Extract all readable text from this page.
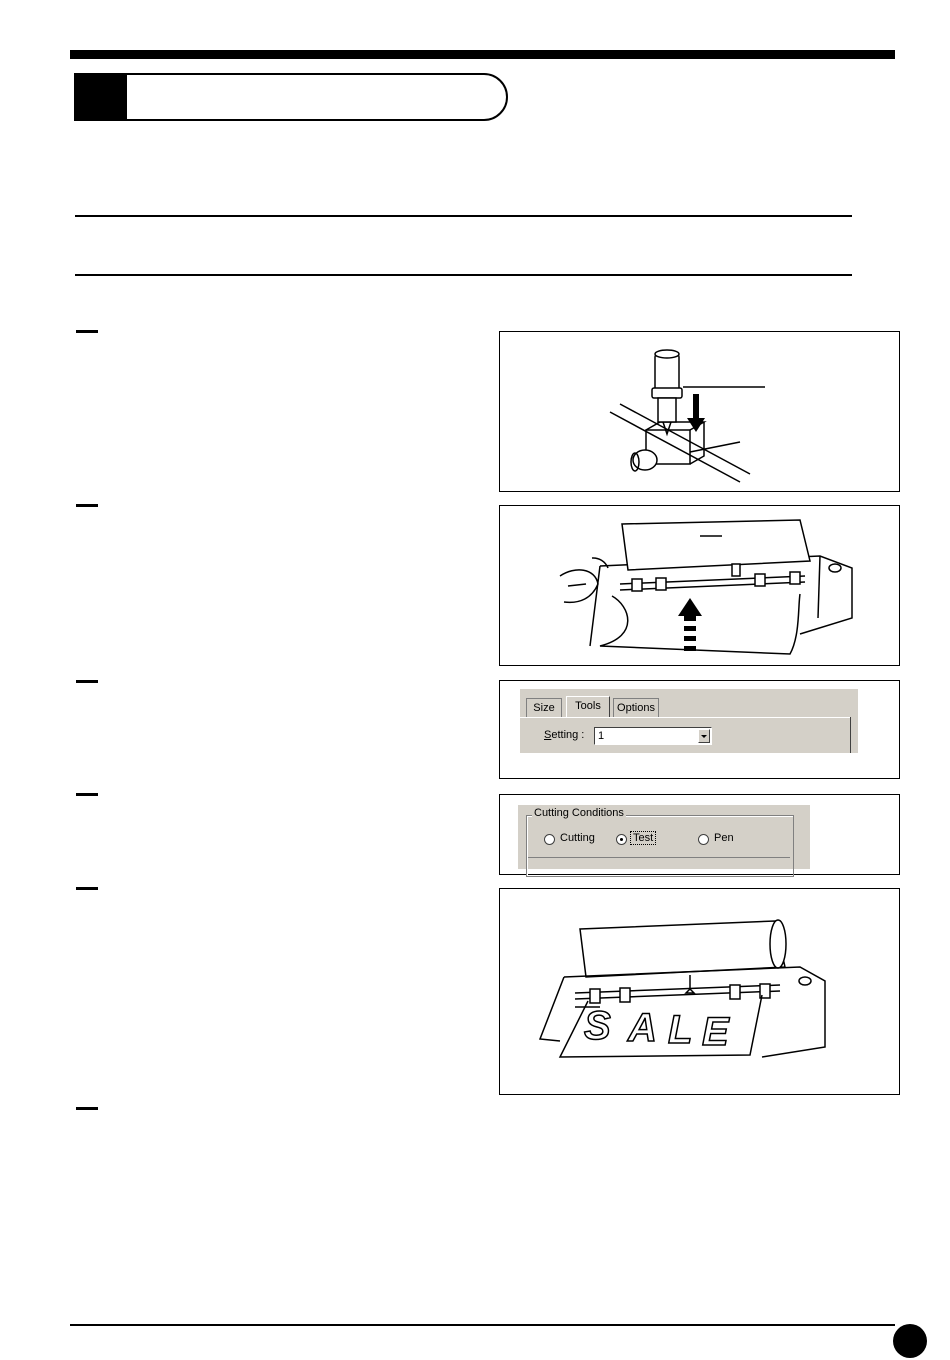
Size	Tools	Options
Setting : 1
Cutting Conditions
Cutting	Test	Pen
S A L E
